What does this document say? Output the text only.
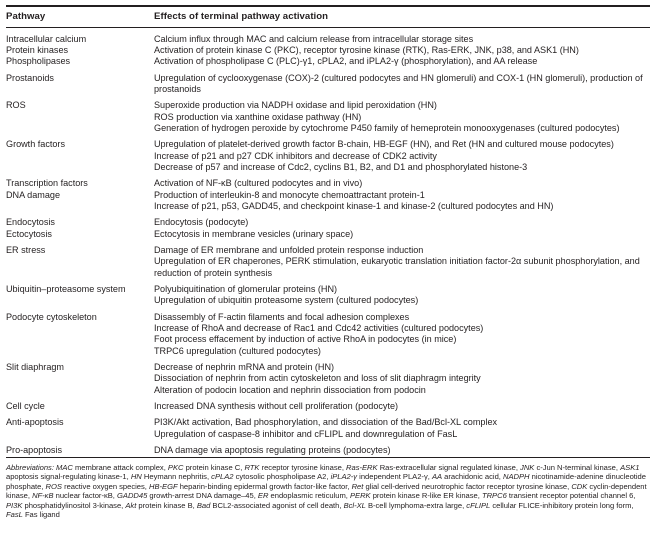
Pathway	Effects of terminal pathway activation

Intracellular calcium	Calcium influx through MAC and calcium release from intracellular storage sites

Protein kinases	Activation of protein kinase C (PKC), receptor tyrosine kinase (RTK), Ras-ERK, JNK, p38, and ASK1 (HN)

Phospholipases	Activation of phospholipase C (PLC)-γ1, cPLA2, and iPLA2-γ (phosphorylation), and AA release

Prostanoids	Upregulation of cyclooxygenase (COX)-2 (cultured podocytes and HN glomeruli) and COX-1 (HN glomeruli), production of prostanoids

ROS	Superoxide production via NADPH oxidase and lipid peroxidation (HN)
ROS production via xanthine oxidase pathway (HN)
Generation of hydrogen peroxide by cytochrome P450 family of hemeprotein monooxygenases (cultured podocytes)

Growth factors	Upregulation of platelet-derived growth factor B-chain, HB-EGF (HN), and Ret (HN and cultured mouse podocytes)
Increase of p21 and p27 CDK inhibitors and decrease of CDK2 activity
Decrease of p57 and increase of Cdc2, cyclins B1, B2, and D1 and phosphorylated histone-3

Transcription factors	Activation of NF-κB (cultured podocytes and in vivo)

DNA damage	Production of interleukin-8 and monocyte chemoattractant protein-1
Increase of p21, p53, GADD45, and checkpoint kinase-1 and kinase-2 (cultured podocytes and HN)

Endocytosis	Endocytosis (podocyte)

Ectocytosis	Ectocytosis in membrane vesicles (urinary space)

ER stress	Damage of ER membrane and unfolded protein response induction
Upregulation of ER chaperones, PERK stimulation, eukaryotic translation initiation factor-2α subunit phosphorylation, and reduction of protein synthesis

Ubiquitin–proteasome system	Polyubiquitination of glomerular proteins (HN)
Upregulation of ubiquitin proteasome system (cultured podocytes)

Podocyte cytoskeleton	Disassembly of F-actin filaments and focal adhesion complexes
Increase of RhoA and decrease of Rac1 and Cdc42 activities (cultured podocytes)
Foot process effacement by induction of active RhoA in podocytes (in mice)
TRPC6 upregulation (cultured podocytes)

Slit diaphragm	Decrease of nephrin mRNA and protein (HN)
Dissociation of nephrin from actin cytoskeleton and loss of slit diaphragm integrity
Alteration of podocin location and nephrin dissociation from podocin

Cell cycle	Increased DNA synthesis without cell proliferation (podocyte)

Anti-apoptosis	PI3K/Akt activation, Bad phosphorylation, and dissociation of the Bad/Bcl-XL complex
Upregulation of caspase-8 inhibitor and cFLIPL and downregulation of FasL

Pro-apoptosis	DNA damage via apoptosis regulating proteins (podocytes)
Abbreviations: MAC membrane attack complex, PKC protein kinase C, RTK receptor tyrosine kinase, Ras-ERK Ras-extracellular signal regulated kinase, JNK c-Jun N-terminal kinase, ASK1 apoptosis signal-regulating kinase-1, HN Heymann nephritis, cPLA2 cytosolic phospholipase A2, iPLA2-γ independent PLA2-γ, AA arachidonic acid, NADPH nicotinamide-adenine dinucleotide phosphate, ROS reactive oxygen species, HB-EGF heparin-binding epidermal growth factor-like factor, Ret glial cell-derived neurotrophic factor receptor tyrosine kinase, CDK cyclin-dependent kinase, NF-κB nuclear factor-κB, GADD45 growth-arrest DNA damage–45, ER endoplasmic reticulum, PERK protein kinase R-like ER kinase, TRPC6 transient receptor potential channel 6, PI3K phosphatidylinositol 3-kinase, Akt protein kinase B, Bad BCL2-associated agonist of cell death, Bcl-XL B-cell lymphoma-extra large, cFLIPL cellular FLICE-inhibitory protein long form, FasL Fas ligand
